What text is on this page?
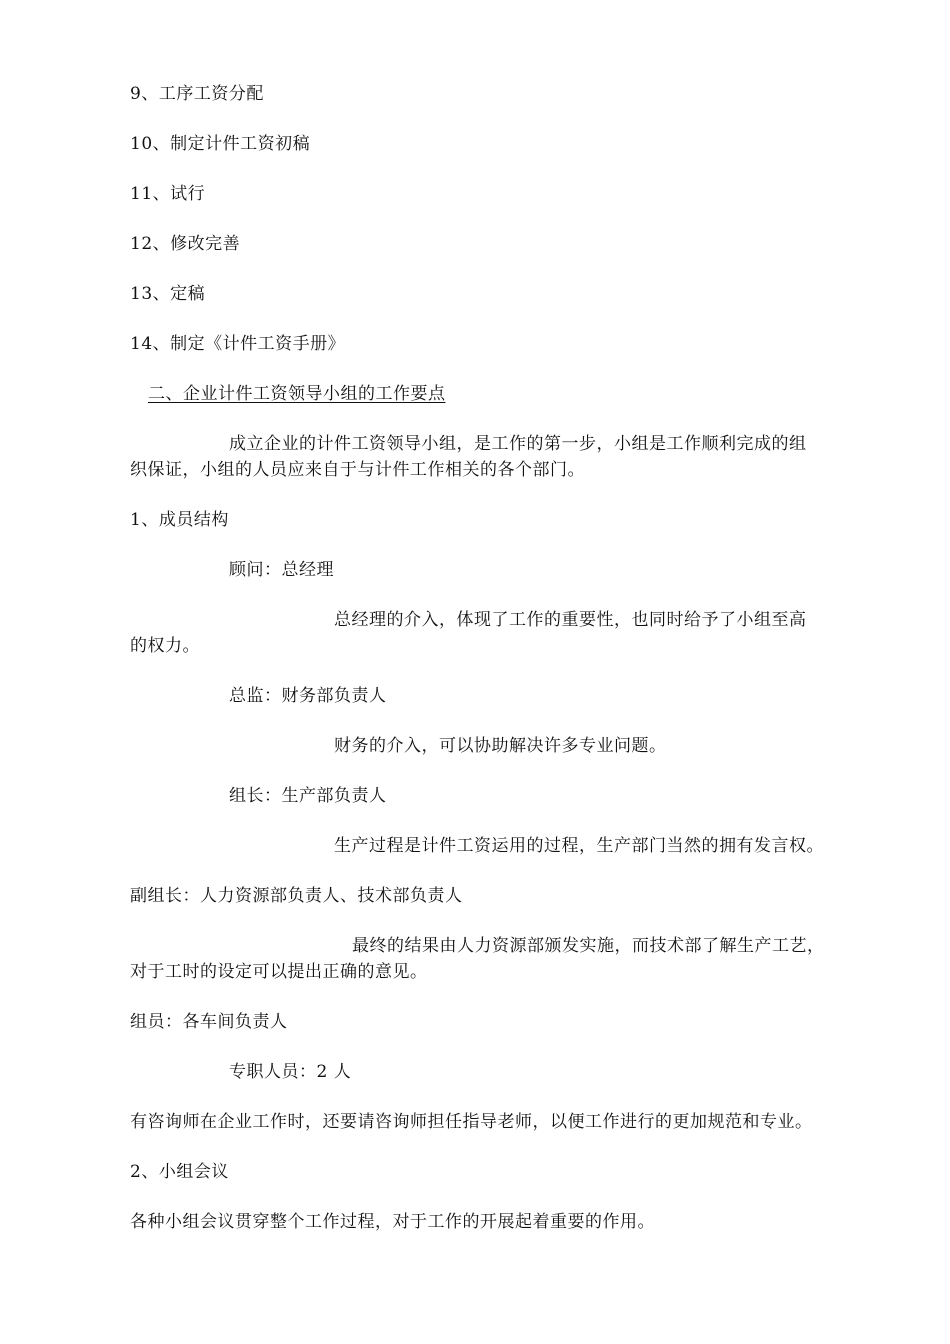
9、工序工资分配
10、制定计件工资初稿
11、试行
12、修改完善
13、定稿
14、制定《计件工资手册》
二、企业计件工资领导小组的工作要点
成立企业的计件工资领导小组，是工作的第一步，小组是工作顺利完成的组
织保证，小组的人员应来自于与计件工作相关的各个部门。
1、成员结构
顾问：总经理
总经理的介入，体现了工作的重要性，也同时给予了小组至高
的权力。
总监：财务部负责人
财务的介入，可以协助解决许多专业问题。
组长：生产部负责人
生产过程是计件工资运用的过程，生产部门当然的拥有发言权。
副组长：人力资源部负责人、技术部负责人
最终的结果由人力资源部颁发实施，而技术部了解生产工艺，
对于工时的设定可以提出正确的意见。
组员：各车间负责人
专职人员：2 人
有咨询师在企业工作时，还要请咨询师担任指导老师，以便工作进行的更加规范和专业。
2、小组会议
各种小组会议贯穿整个工作过程，对于工作的开展起着重要的作用。
